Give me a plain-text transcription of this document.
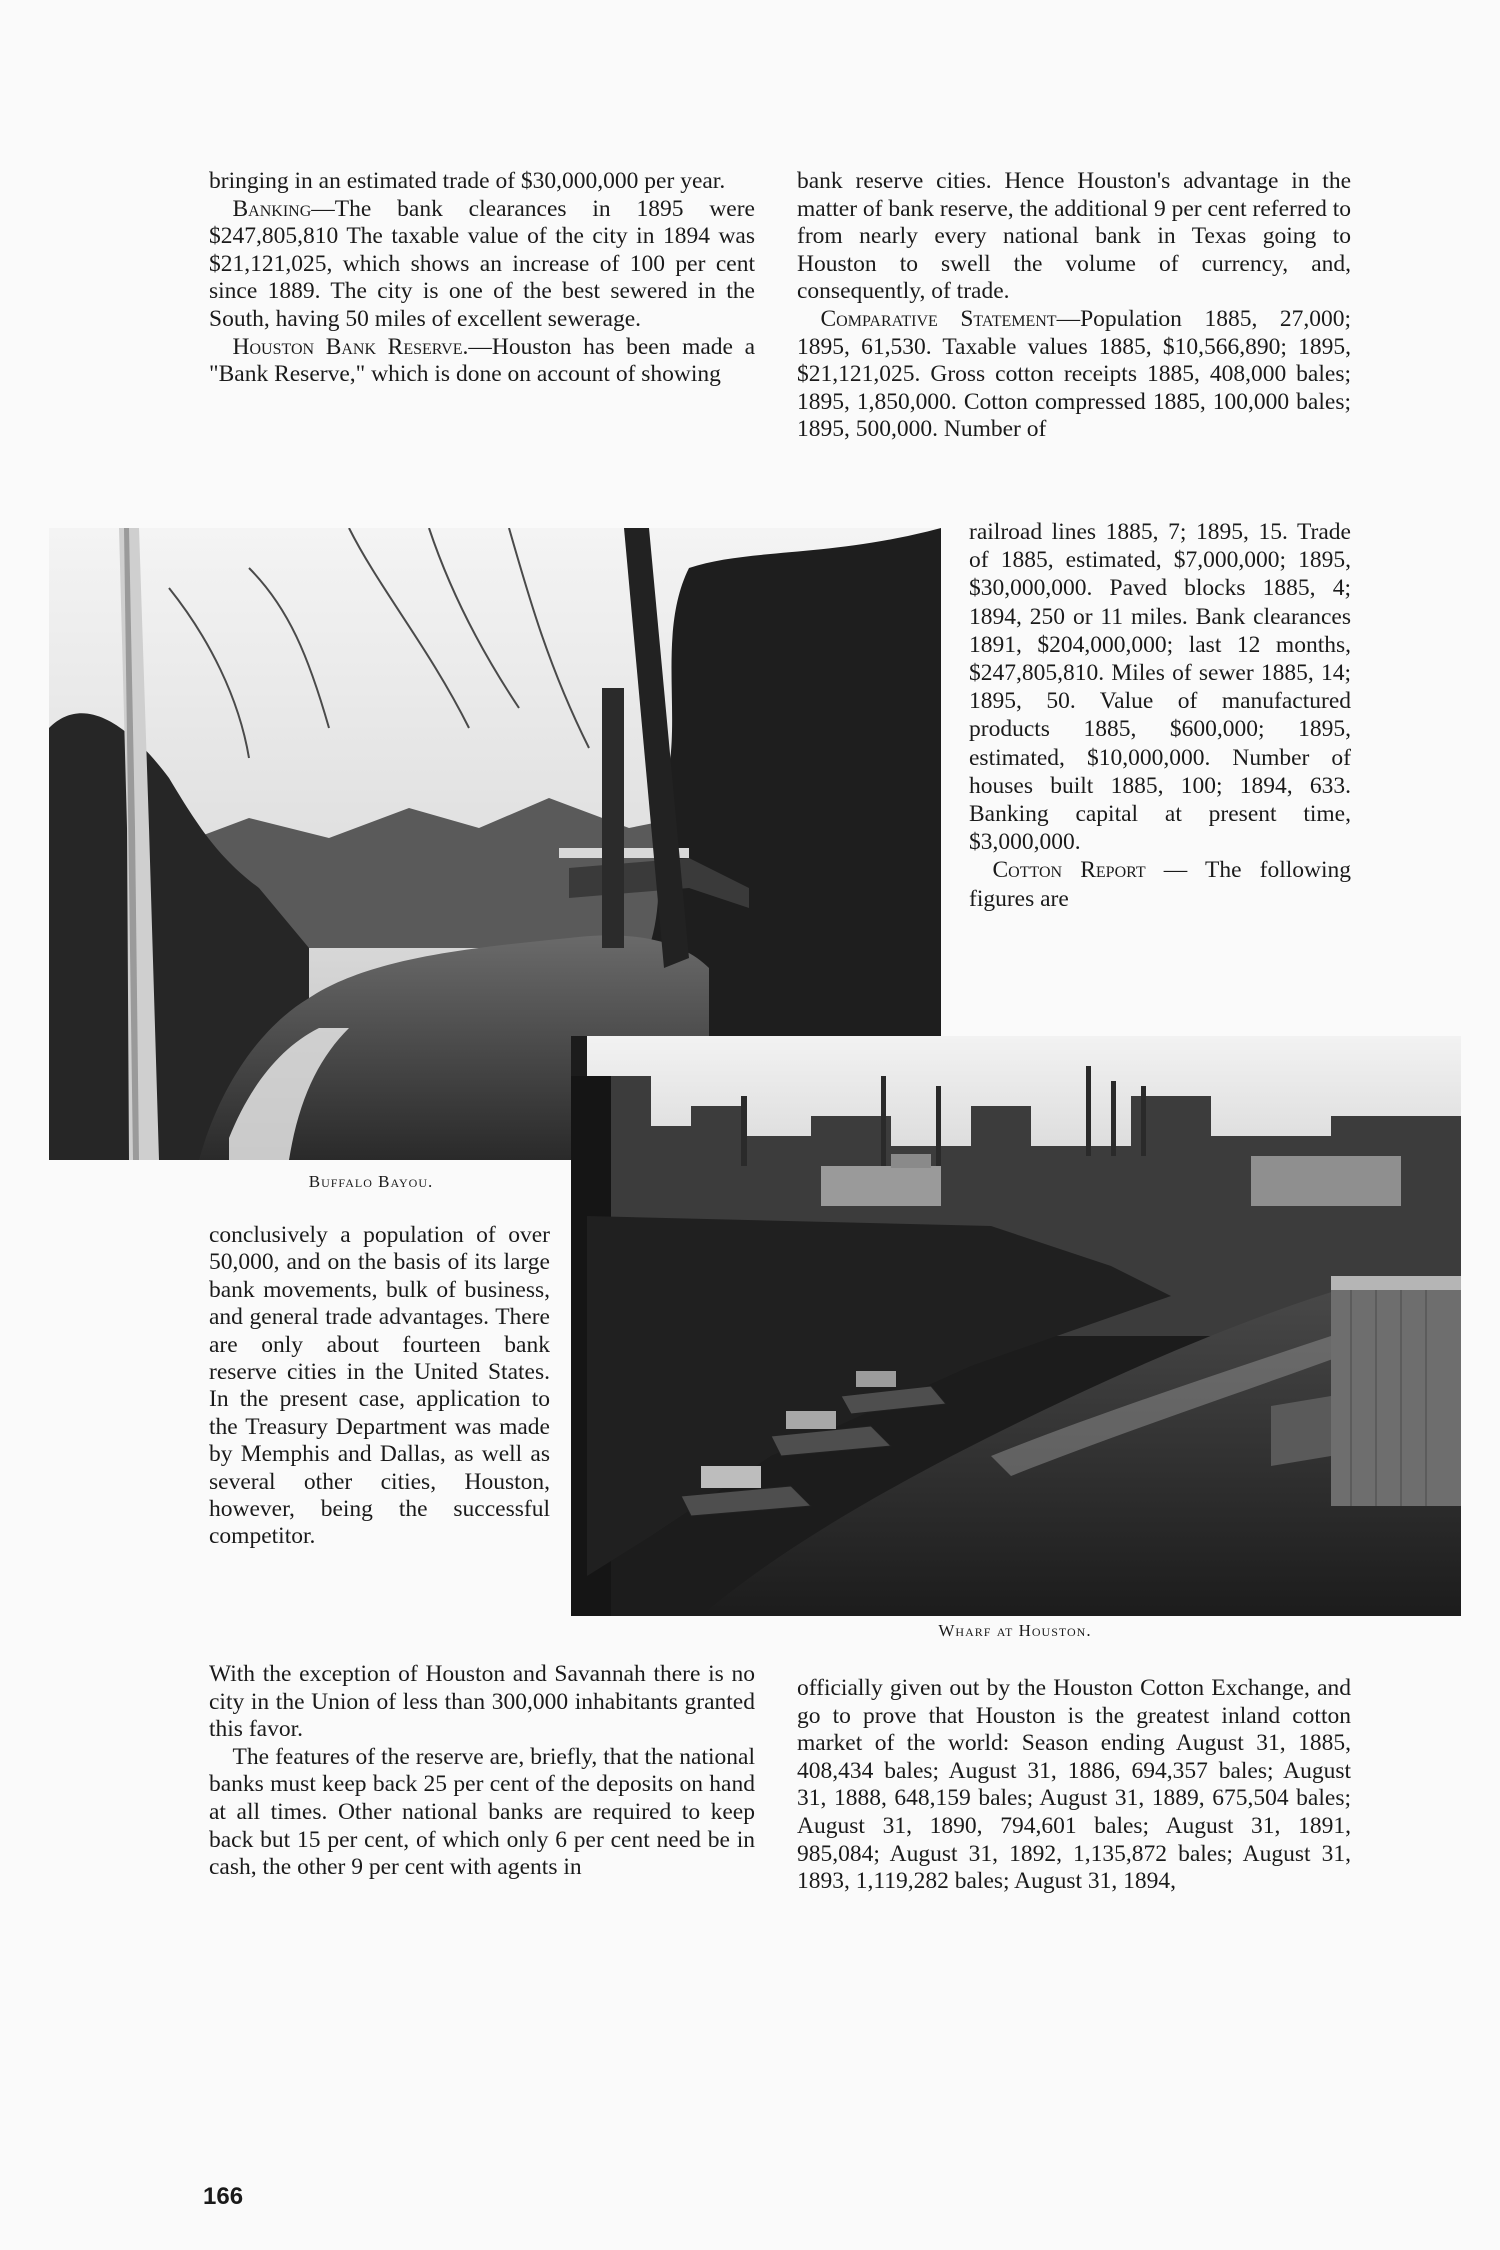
bringing in an estimated trade of $30,000,000 per year.

Banking—The bank clearances in 1895 were $247,805,810 The taxable value of the city in 1894 was $21,121,025, which shows an increase of 100 per cent since 1889. The city is one of the best sewered in the South, having 50 miles of excellent sewerage.

Houston Bank Reserve.—Houston has been made a "Bank Reserve," which is done on account of showing

bank reserve cities. Hence Houston's advantage in the matter of bank reserve, the additional 9 per cent referred to from nearly every national bank in Texas going to Houston to swell the volume of currency, and, consequently, of trade.

Comparative Statement—Population 1885, 27,000; 1895, 61,530. Taxable values 1885, $10,566,890; 1895, $21,121,025. Gross cotton receipts 1885, 408,000 bales; 1895, 1,850,000. Cotton compressed 1885, 100,000 bales; 1895, 500,000. Number of

railroad lines 1885, 7; 1895, 15. Trade of 1885, estimated, $7,000,000; 1895, $30,000,000. Paved blocks 1885, 4; 1894, 250 or 11 miles. Bank clearances 1891, $204,000,000; last 12 months, $247,805,810. Miles of sewer 1885, 14; 1895, 50. Value of manufactured products 1885, $600,000; 1895, estimated, $10,000,000. Number of houses built 1885, 100; 1894, 633. Banking capital at present time, $3,000,000.

Cotton Report — The following figures are

Buffalo Bayou.

conclusively a population of over 50,000, and on the basis of its large bank movements, bulk of business, and general trade advantages. There are only about fourteen bank reserve cities in the United States. In the present case, application to the Treasury Department was made by Memphis and Dallas, as well as several other cities, Houston, however, being the successful competitor.

Wharf at Houston.

With the exception of Houston and Savannah there is no city in the Union of less than 300,000 inhabitants granted this favor.

The features of the reserve are, briefly, that the national banks must keep back 25 per cent of the deposits on hand at all times. Other national banks are required to keep back but 15 per cent, of which only 6 per cent need be in cash, the other 9 per cent with agents in

officially given out by the Houston Cotton Exchange, and go to prove that Houston is the greatest inland cotton market of the world: Season ending August 31, 1885, 408,434 bales; August 31, 1886, 694,357 bales; August 31, 1888, 648,159 bales; August 31, 1889, 675,504 bales; August 31, 1890, 794,601 bales; August 31, 1891, 985,084; August 31, 1892, 1,135,872 bales; August 31, 1893, 1,119,282 bales; August 31, 1894,

166
